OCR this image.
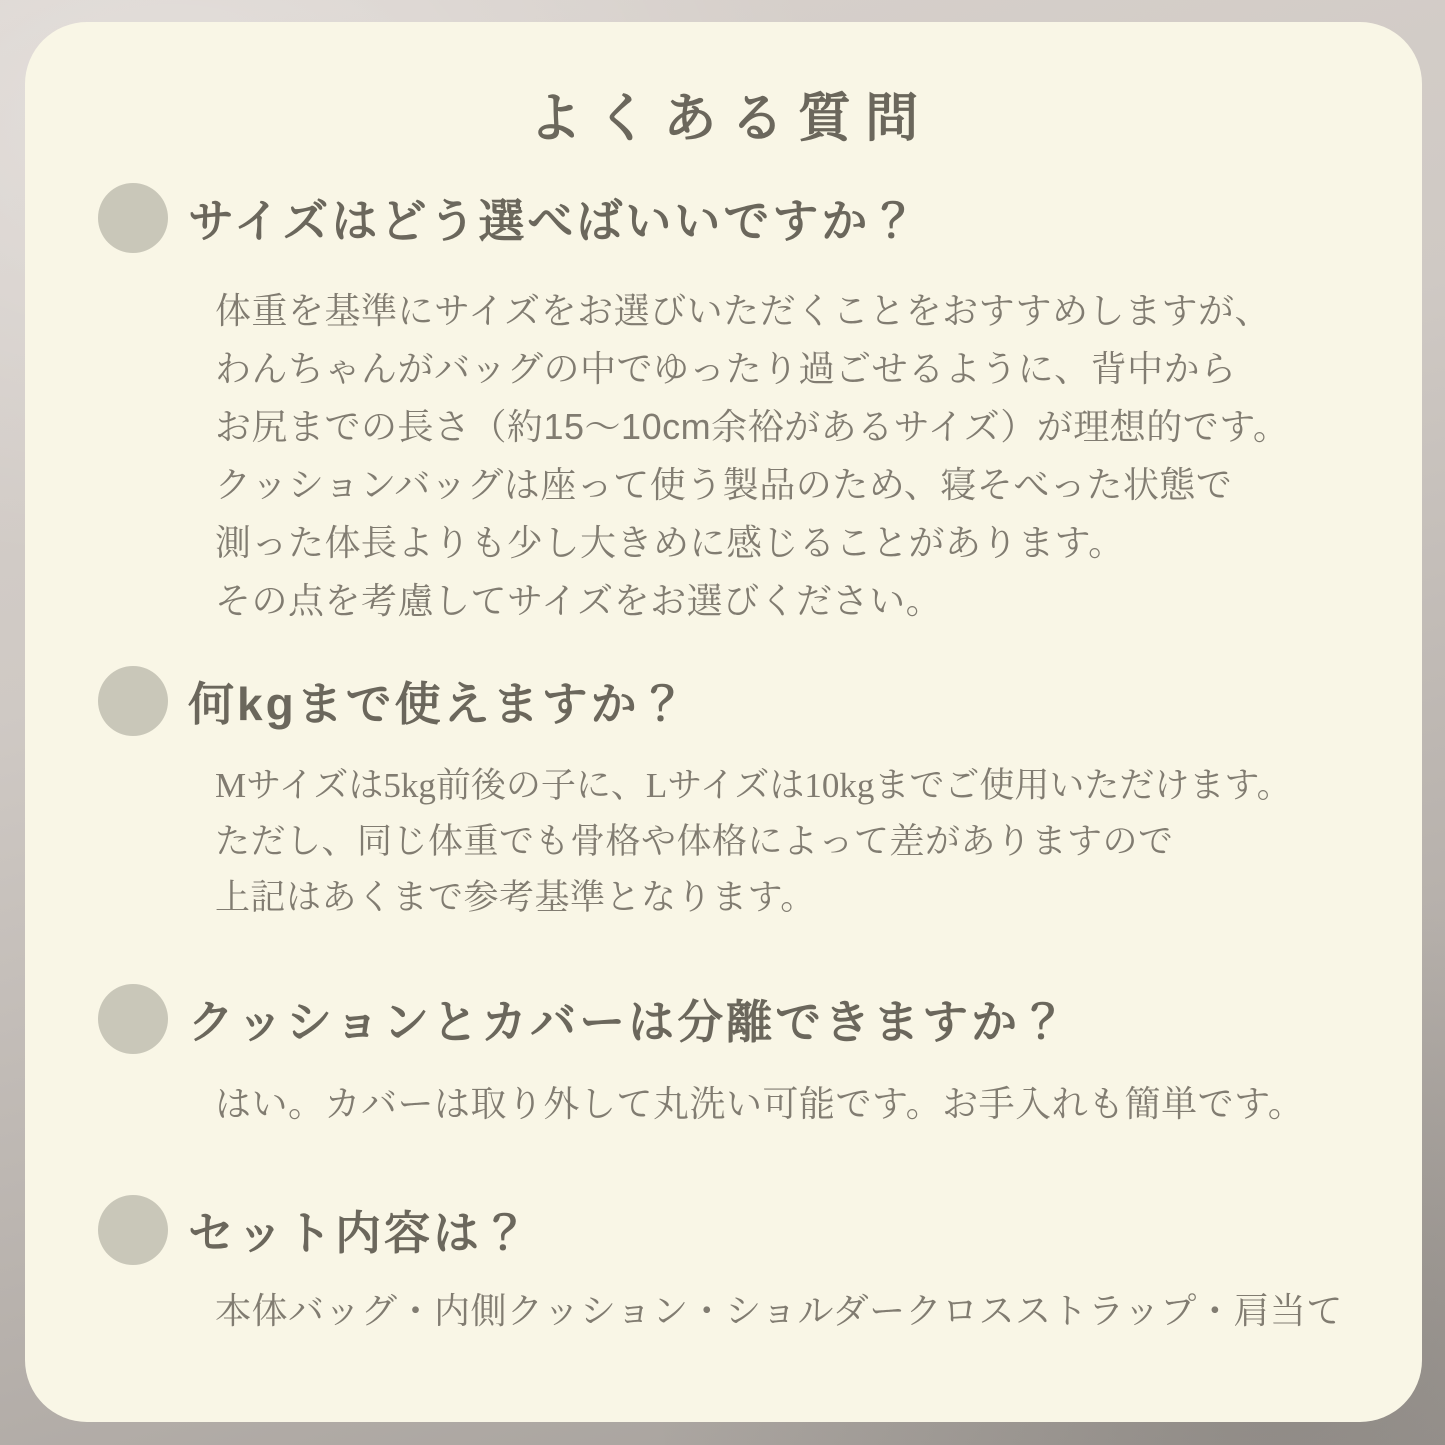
よくある質問
サイズはどう選べばいいですか？
体重を基準にサイズをお選びいただくことをおすすめしますが、
わんちゃんがバッグの中でゆったり過ごせるように、背中から
お尻までの長さ（約15〜10cm余裕があるサイズ）が理想的です。
クッションバッグは座って使う製品のため、寝そべった状態で
測った体長よりも少し大きめに感じることがあります。
その点を考慮してサイズをお選びください。
何kgまで使えますか？
Mサイズは5kg前後の子に、Lサイズは10kgまでご使用いただけます。
ただし、同じ体重でも骨格や体格によって差がありますので
上記はあくまで参考基準となります。
クッションとカバーは分離できますか？
はい。カバーは取り外して丸洗い可能です。お手入れも簡単です。
セット内容は？
本体バッグ・内側クッション・ショルダークロスストラップ・肩当て
